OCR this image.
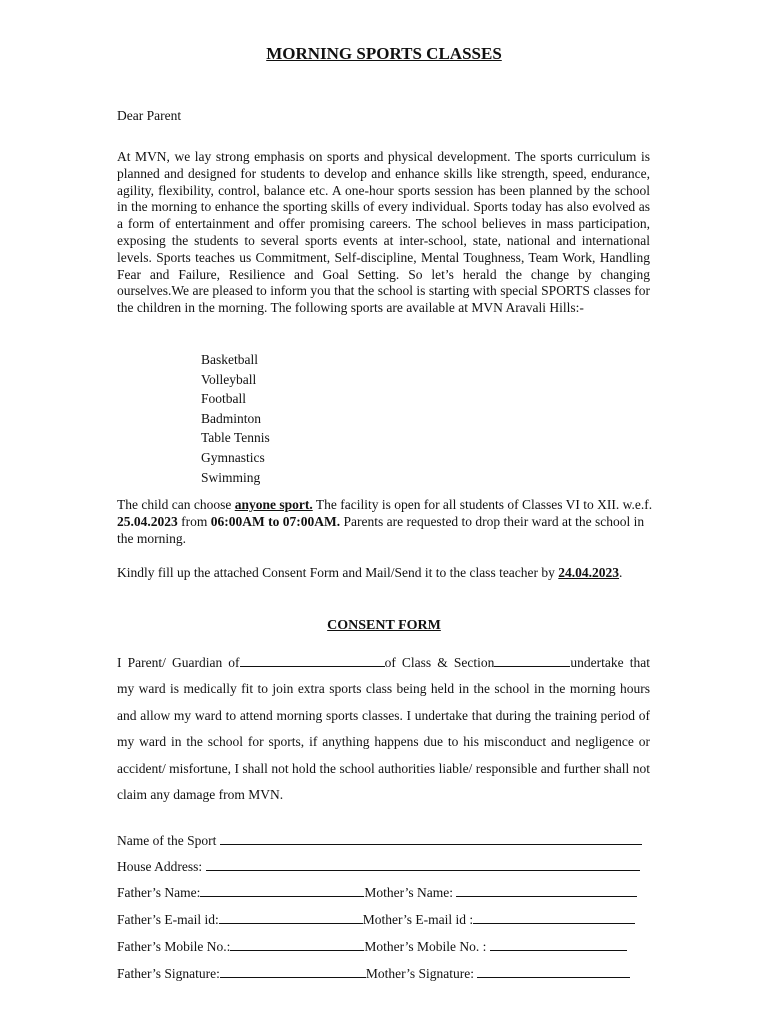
MORNING SPORTS CLASSES
Dear Parent

At MVN, we lay strong emphasis on sports and physical development. The sports curriculum is planned and designed for students to develop and enhance skills like strength, speed, endurance, agility, flexibility, control, balance etc. A one-hour sports session has been planned by the school in the morning to enhance the sporting skills of every individual. Sports today has also evolved as a form of entertainment and offer promising careers. The school believes in mass participation, exposing the students to several sports events at inter-school, state, national and international levels. Sports teaches us Commitment, Self-discipline, Mental Toughness, Team Work, Handling Fear and Failure, Resilience and Goal Setting. So let’s herald the change by changing ourselves.We are pleased to inform you that the school is starting with special SPORTS classes for the children in the morning. The following sports are available at MVN Aravali Hills:-

Basketball
Volleyball
Football
Badminton
Table Tennis
Gymnastics
Swimming

The child can choose anyone sport. The facility is open for all students of Classes VI to XII. w.e.f. 25.04.2023 from 06:00AM to 07:00AM. Parents are requested to drop their ward at the school in the morning.

Kindly fill up the attached Consent Form and Mail/Send it to the class teacher by 24.04.2023.

CONSENT FORM

I Parent/ Guardian of	of Class & Section	undertake that my ward is medically fit to join extra sports class being held in the school in the morning hours and allow my ward to attend morning sports classes. I undertake that during the training period of my ward in the school for sports, if anything happens due to his misconduct and negligence or accident/ misfortune, I shall not hold the school authorities liable/ responsible and further shall not claim any damage from MVN.

Name of the Sport
House Address:
Father’s Name:	Mother’s Name:
Father’s E-mail id:	Mother’s E-mail id :
Father’s Mobile No.:	Mother’s Mobile No. :
Father’s Signature:	Mother’s Signature:
